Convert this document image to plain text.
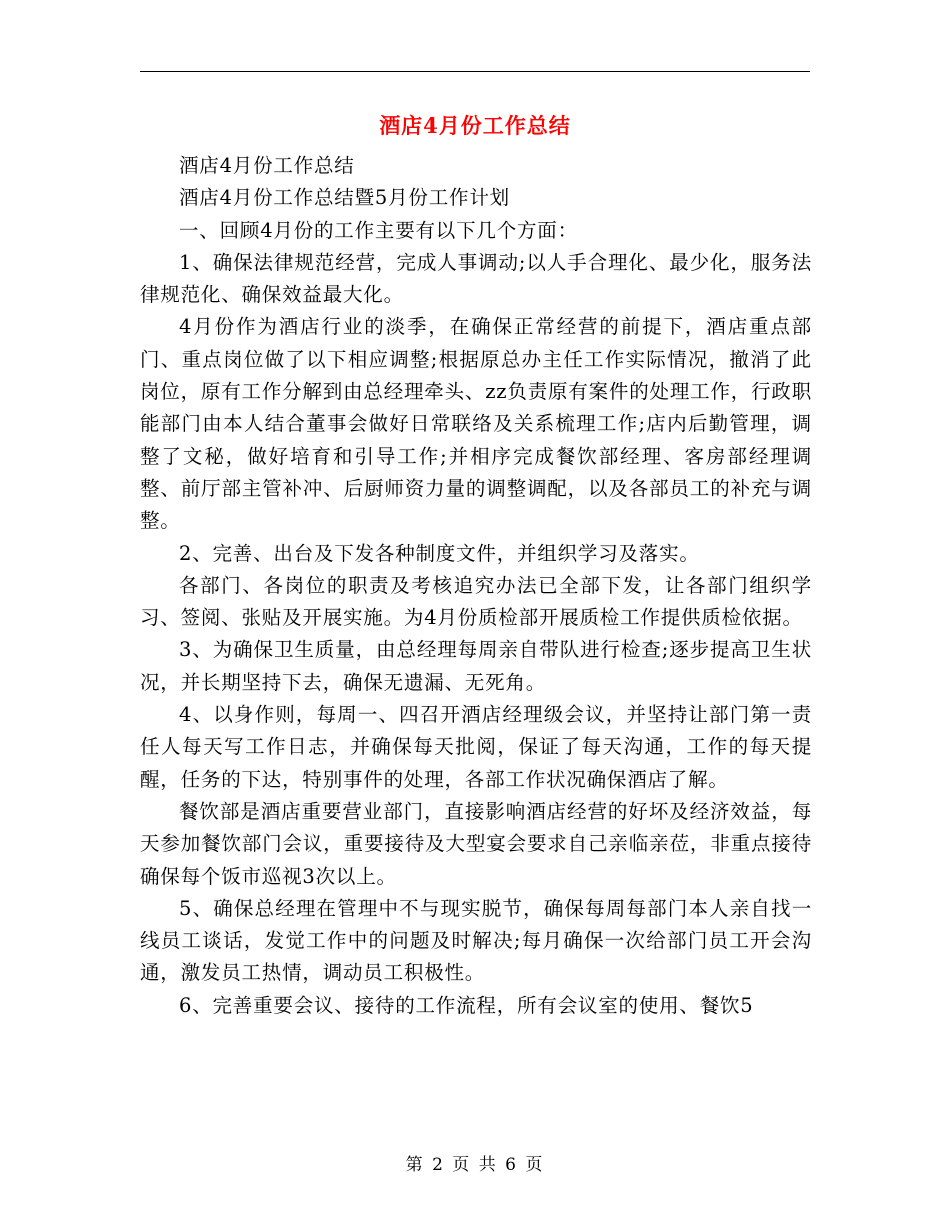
酒店4月份工作总结

酒店4月份工作总结

酒店4月份工作总结暨5月份工作计划

一、回顾4月份的工作主要有以下几个方面：

1、确保法律规范经营，完成人事调动;以人手合理化、最少化，服务法律规范化、确保效益最大化。

4月份作为酒店行业的淡季，在确保正常经营的前提下，酒店重点部门、重点岗位做了以下相应调整;根据原总办主任工作实际情况，撤消了此岗位，原有工作分解到由总经理牵头、zz负责原有案件的处理工作，行政职能部门由本人结合董事会做好日常联络及关系梳理工作;店内后勤管理，调整了文秘，做好培育和引导工作;并相序完成餐饮部经理、客房部经理调整、前厅部主管补冲、后厨师资力量的调整调配，以及各部员工的补充与调整。

2、完善、出台及下发各种制度文件，并组织学习及落实。

各部门、各岗位的职责及考核追究办法已全部下发，让各部门组织学习、签阅、张贴及开展实施。为4月份质检部开展质检工作提供质检依据。

3、为确保卫生质量，由总经理每周亲自带队进行检查;逐步提高卫生状况，并长期坚持下去，确保无遗漏、无死角。

4、以身作则，每周一、四召开酒店经理级会议，并坚持让部门第一责任人每天写工作日志，并确保每天批阅，保证了每天沟通，工作的每天提醒，任务的下达，特别事件的处理，各部工作状况确保酒店了解。

餐饮部是酒店重要营业部门，直接影响酒店经营的好坏及经济效益，每天参加餐饮部门会议，重要接待及大型宴会要求自己亲临亲莅，非重点接待确保每个饭市巡视3次以上。

5、确保总经理在管理中不与现实脱节，确保每周每部门本人亲自找一线员工谈话，发觉工作中的问题及时解决;每月确保一次给部门员工开会沟通，激发员工热情，调动员工积极性。

6、完善重要会议、接待的工作流程，所有会议室的使用、餐饮5

第 2 页 共 6 页
